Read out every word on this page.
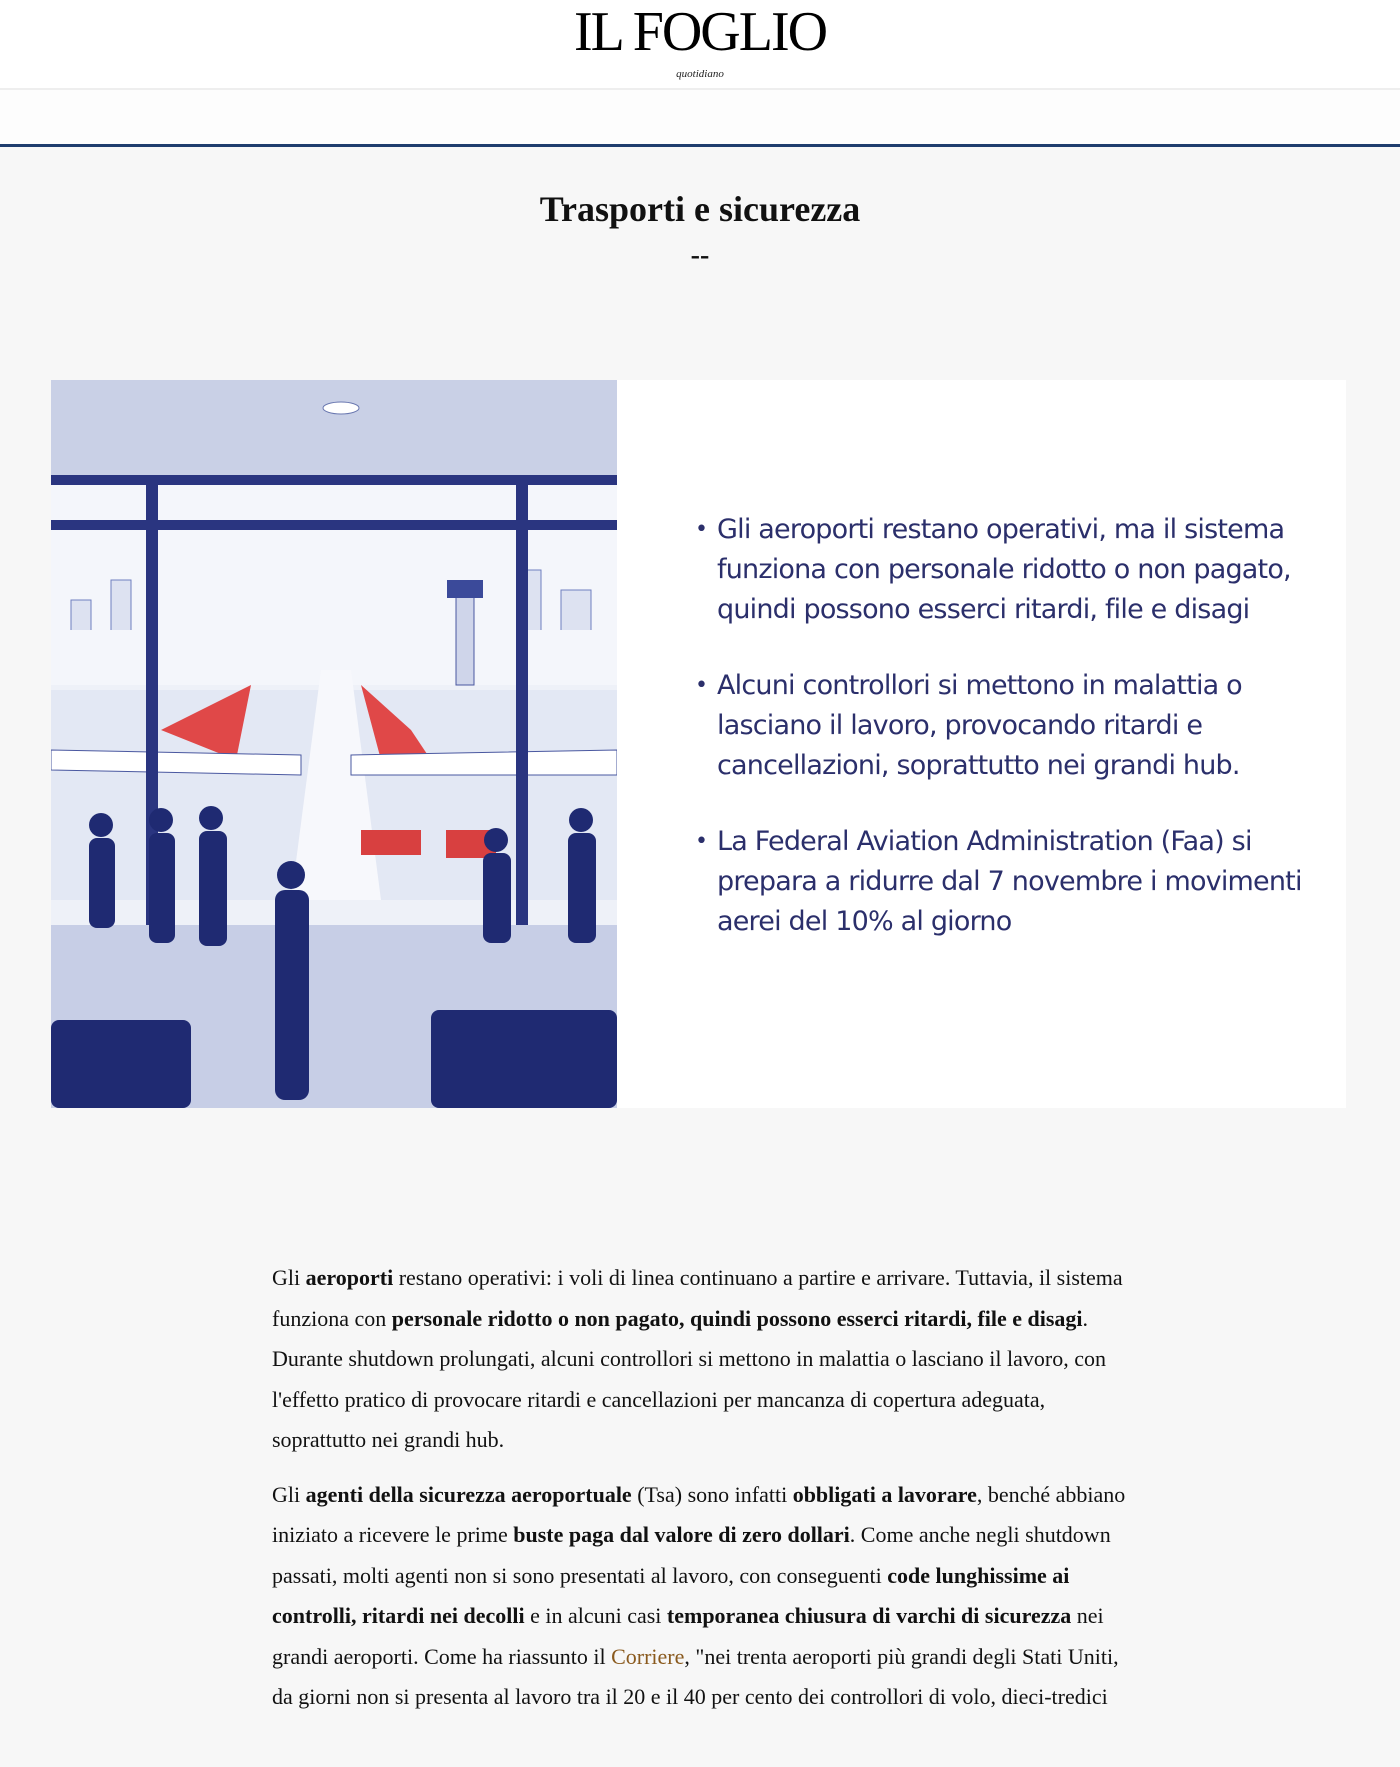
IL FOGLIO
quotidiano
Trasporti e sicurezza
--
• Gli aeroporti restano operativi, ma il sistema funziona con personale ridotto o non pagato, quindi possono esserci ritardi, file e disagi
• Alcuni controllori si mettono in malattia o lasciano il lavoro, provocando ritardi e cancellazioni, soprattutto nei grandi hub.
• La Federal Aviation Administration (Faa) si prepara a ridurre dal 7 novembre i movimenti aerei del 10% al giorno

Gli aeroporti restano operativi: i voli di linea continuano a partire e arrivare. Tuttavia, il sistema funziona con personale ridotto o non pagato, quindi possono esserci ritardi, file e disagi. Durante shutdown prolungati, alcuni controllori si mettono in malattia o lasciano il lavoro, con l'effetto pratico di provocare ritardi e cancellazioni per mancanza di copertura adeguata, soprattutto nei grandi hub.

Gli agenti della sicurezza aeroportuale (Tsa) sono infatti obbligati a lavorare, benché abbiano iniziato a ricevere le prime buste paga dal valore di zero dollari. Come anche negli shutdown passati, molti agenti non si sono presentati al lavoro, con conseguenti code lunghissime ai controlli, ritardi nei decolli e in alcuni casi temporanea chiusura di varchi di sicurezza nei grandi aeroporti. Come ha riassunto il Corriere, "nei trenta aeroporti più grandi degli Stati Uniti, da giorni non si presenta al lavoro tra il 20 e il 40 per cento dei controllori di volo, dieci-tredici
